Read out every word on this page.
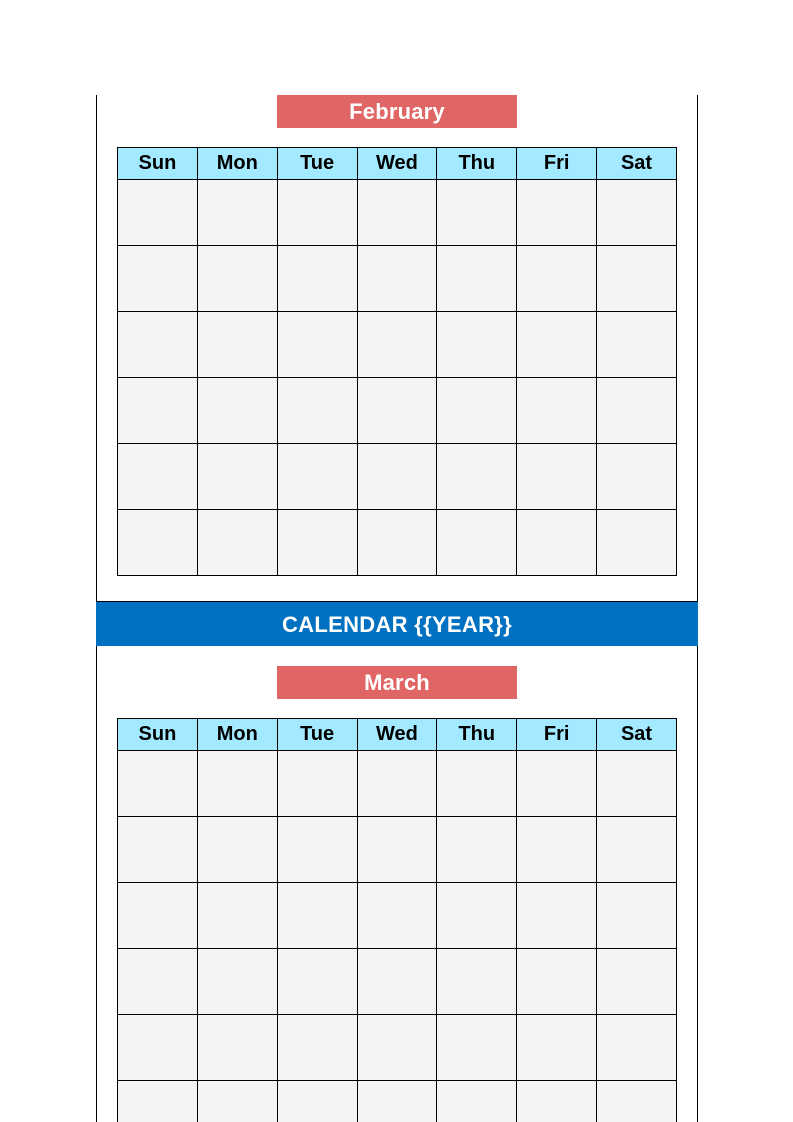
February
Sun	Mon	Tue	Wed	Thu	Fri	Sat

CALENDAR {{YEAR}}
March
Sun	Mon	Tue	Wed	Thu	Fri	Sat
